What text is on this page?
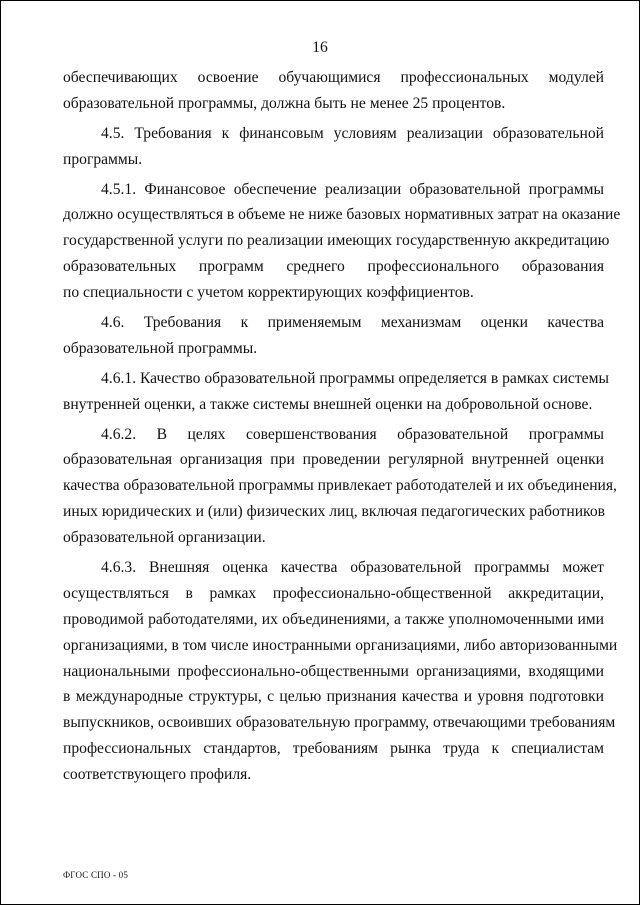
16
обеспечивающих освоение обучающимися профессиональных модулей
образовательной программы, должна быть не менее 25 процентов.
4.5. Требования к финансовым условиям реализации образовательной
программы.
4.5.1. Финансовое обеспечение реализации образовательной программы
должно осуществляться в объеме не ниже базовых нормативных затрат на оказание
государственной услуги по реализации имеющих государственную аккредитацию
образовательных программ среднего профессионального образования
по специальности с учетом корректирующих коэффициентов.
4.6. Требования к применяемым механизмам оценки качества
образовательной программы.
4.6.1. Качество образовательной программы определяется в рамках системы
внутренней оценки, а также системы внешней оценки на добровольной основе.
4.6.2. В целях совершенствования образовательной программы
образовательная организация при проведении регулярной внутренней оценки
качества образовательной программы привлекает работодателей и их объединения,
иных юридических и (или) физических лиц, включая педагогических работников
образовательной организации.
4.6.3. Внешняя оценка качества образовательной программы может
осуществляться в рамках профессионально-общественной аккредитации,
проводимой работодателями, их объединениями, а также уполномоченными ими
организациями, в том числе иностранными организациями, либо авторизованными
национальными профессионально-общественными организациями, входящими
в международные структуры, с целью признания качества и уровня подготовки
выпускников, освоивших образовательную программу, отвечающими требованиям
профессиональных стандартов, требованиям рынка труда к специалистам
соответствующего профиля.
ФГОС СПО - 05
